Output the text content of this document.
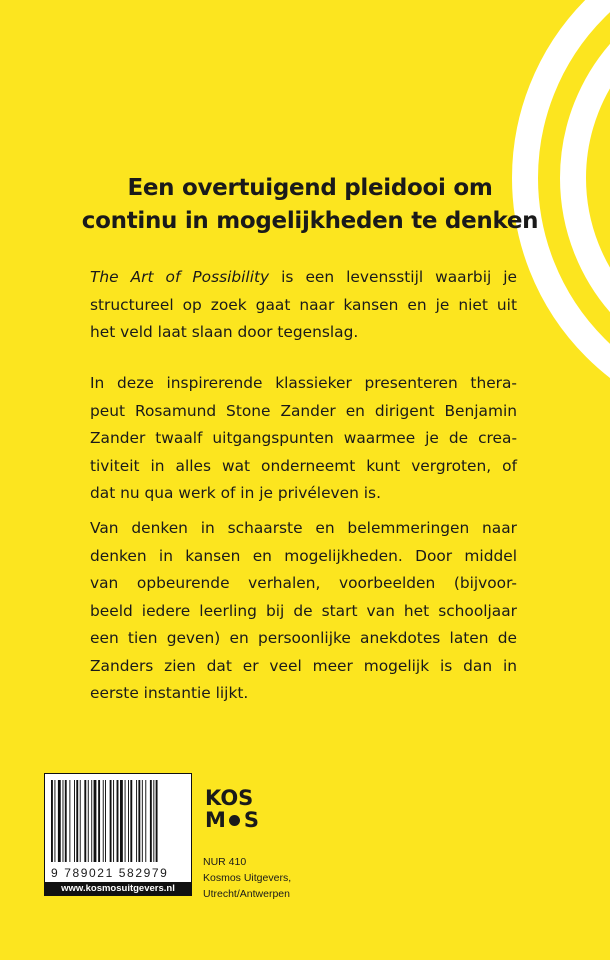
Een overtuigend pleidooi om
continu in mogelijkheden te denken

The Art of Possibility is een levensstijl waarbij je
structureel op zoek gaat naar kansen en je niet uit
het veld laat slaan door tegenslag.

In deze inspirerende klassieker presenteren thera-
peut Rosamund Stone Zander en dirigent Benjamin
Zander twaalf uitgangspunten waarmee je de crea-
tiviteit in alles wat onderneemt kunt vergroten, of
dat nu qua werk of in je privéleven is.

Van denken in schaarste en belemmeringen naar
denken in kansen en mogelijkheden. Door middel
van opbeurende verhalen, voorbeelden (bijvoor-
beeld iedere leerling bij de start van het schooljaar
een tien geven) en persoonlijke anekdotes laten de
Zanders zien dat er veel meer mogelijk is dan in
eerste instantie lijkt.

9 789021 582979
www.kosmosuitgevers.nl
KOS
M S
NUR 410
Kosmos Uitgevers,
Utrecht/Antwerpen
